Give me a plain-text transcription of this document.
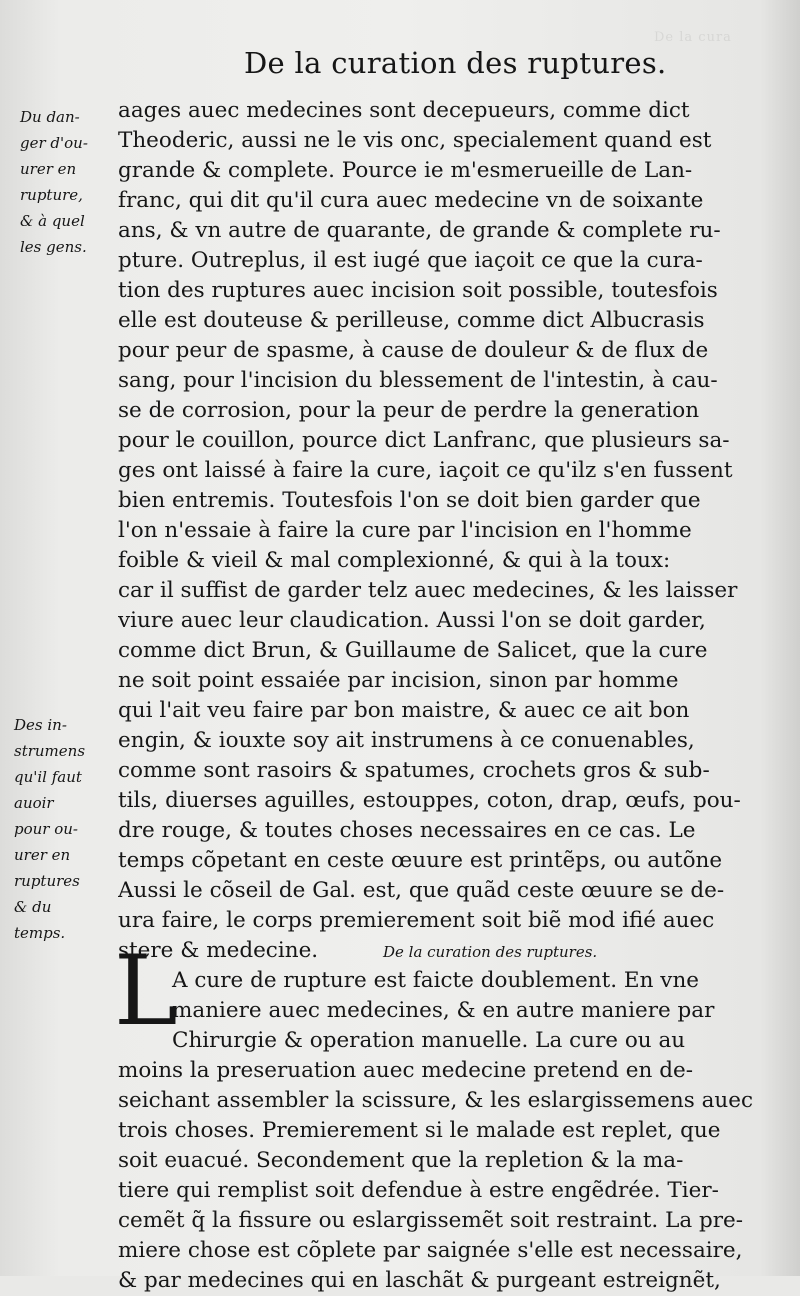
De la cura
De la curation des ruptures.
Du dan-
ger d'ou-
urer en
rupture,
& à quel
les gens.
Des in-
strumens
qu'il faut
auoir
pour ou-
urer en
ruptures
& du
temps.
aages auec medecines sont decepueurs, comme dict
Theoderic, aussi ne le vis onc, specialement quand est
grande & complete. Pource ie m'esmerueille de Lan-
franc, qui dit qu'il cura auec medecine vn de soixante
ans, & vn autre de quarante, de grande & complete ru-
pture. Outreplus, il est iugé que iaçoit ce que la cura-
tion des ruptures auec incision soit possible, toutesfois
elle est douteuse & perilleuse, comme dict Albucrasis
pour peur de spasme, à cause de douleur & de flux de
sang, pour l'incision du blessement de l'intestin, à cau-
se de corrosion, pour la peur de perdre la generation
pour le couillon, pource dict Lanfranc, que plusieurs sa-
ges ont laissé à faire la cure, iaçoit ce qu'ilz s'en fussent
bien entremis. Toutesfois l'on se doit bien garder que
l'on n'essaie à faire la cure par l'incision en l'homme
foible & vieil & mal complexionné, & qui à la toux:
car il suffist de garder telz auec medecines, & les laisser
viure auec leur claudication. Aussi l'on se doit garder,
comme dict Brun, & Guillaume de Salicet, que la cure
ne soit point essaiée par incision, sinon par homme
qui l'ait veu faire par bon maistre, & auec ce ait bon
engin, & iouxte soy ait instrumens à ce conuenables,
comme sont rasoirs & spatumes, crochets gros & sub-
tils, diuerses aguilles, estouppes, coton, drap, œufs, pou-
dre rouge, & toutes choses necessaires en ce cas. Le
temps cõpetant en ceste œuure est printẽps, ou autõne
Aussi le cõseil de Gal. est, que quãd ceste œuure se de-
ura faire, le corps premierement soit biẽ mod ifié auec
stere & medecine.	De la curation des ruptures.
A cure de rupture est faicte doublement. En vne
maniere auec medecines, & en autre maniere par
Chirurgie & operation manuelle. La cure ou au
moins la preseruation auec medecine pretend en de-
seichant assembler la scissure, & les eslargissemens auec
trois choses. Premierement si le malade est replet, que
soit euacué. Secondement que la repletion & la ma-
tiere qui remplist soit defendue à estre engẽdrée. Tier-
cemẽt q̃ la fissure ou eslargissemẽt soit restraint. La pre-
miere chose est cõplete par saignée s'elle est necessaire,
& par medecines qui en laschãt & purgeant estreignẽt,
L
